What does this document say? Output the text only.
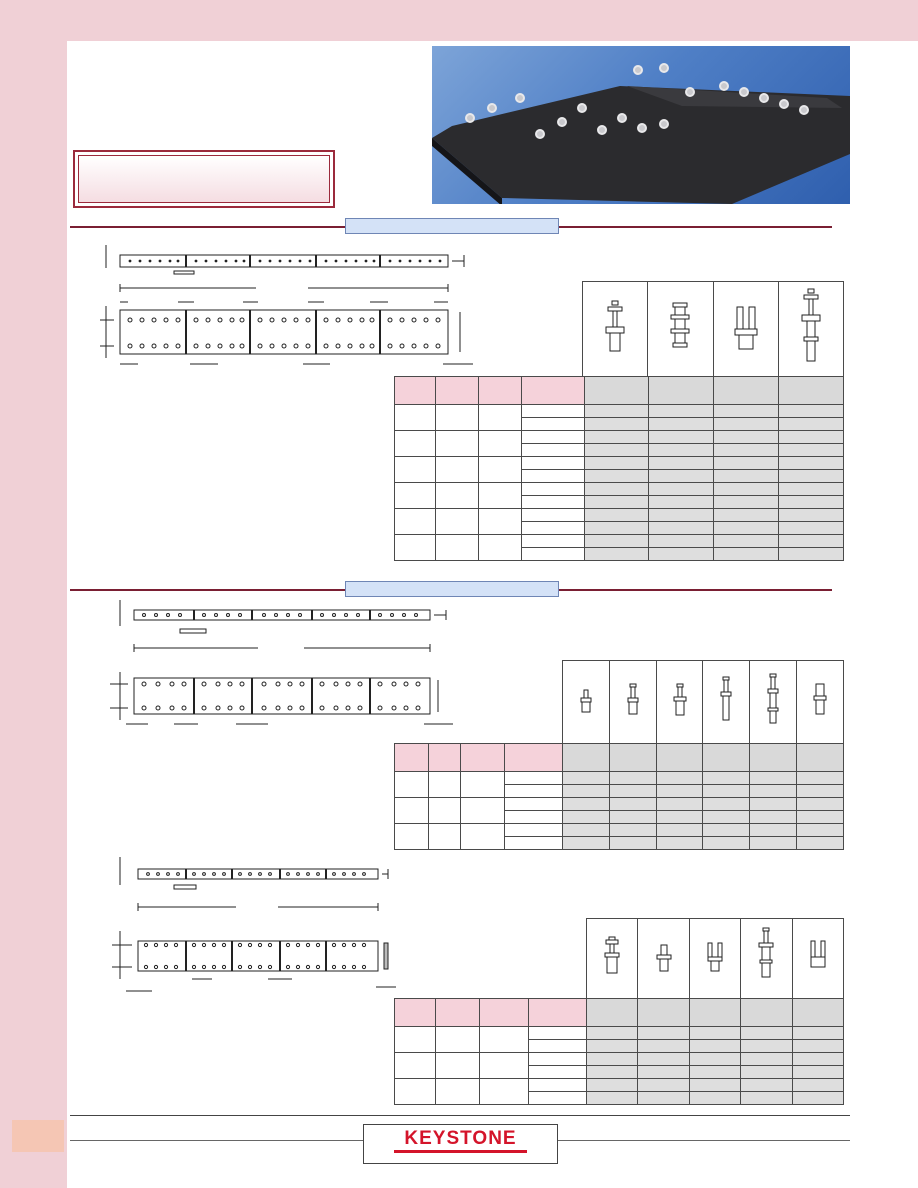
KEYSTONE
